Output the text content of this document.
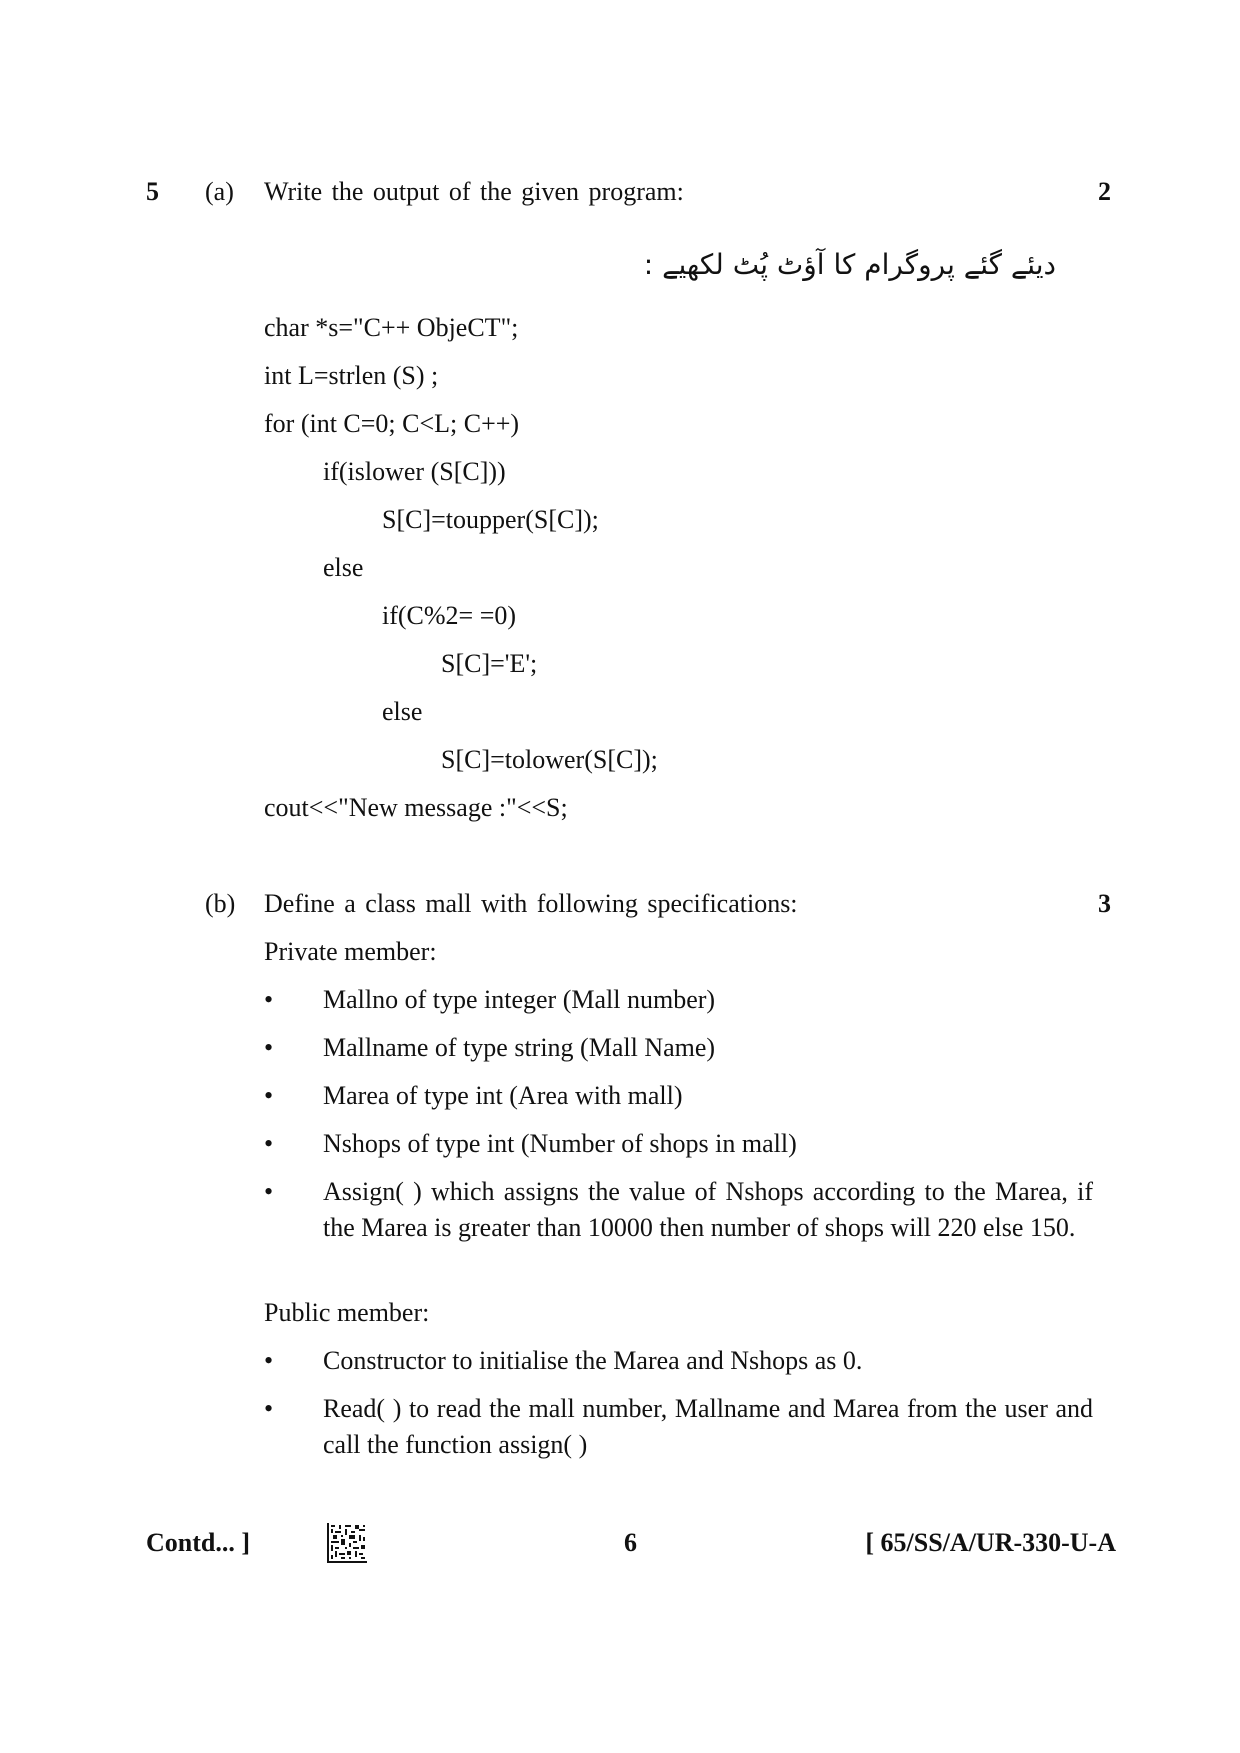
5 (a) Write the output of the given program:	2
دیئے گئے پروگرام کا آؤٹ پُٹ لکھیے :
char *s="C++ ObjeCT";
int L=strlen (S) ;
for (int C=0; C<L; C++)
if(islower (S[C]))
S[C]=toupper(S[C]);
else
if(C%2= =0)
S[C]='E';
else
S[C]=tolower(S[C]);
cout<<"New message :"<<S;
(b) Define a class mall with following specifications:	3
Private member:
• Mallno of type integer (Mall number)
• Mallname of type string (Mall Name)
• Marea of type int (Area with mall)
• Nshops of type int (Number of shops in mall)
• Assign( ) which assigns the value of Nshops according to the Marea, if the Marea is greater than 10000 then number of shops will 220 else 150.
Public member:
• Constructor to initialise the Marea and Nshops as 0.
• Read( ) to read the mall number, Mallname and Marea from the user and call the function assign( )
Contd... ]	6	[ 65/SS/A/UR-330-U-A
